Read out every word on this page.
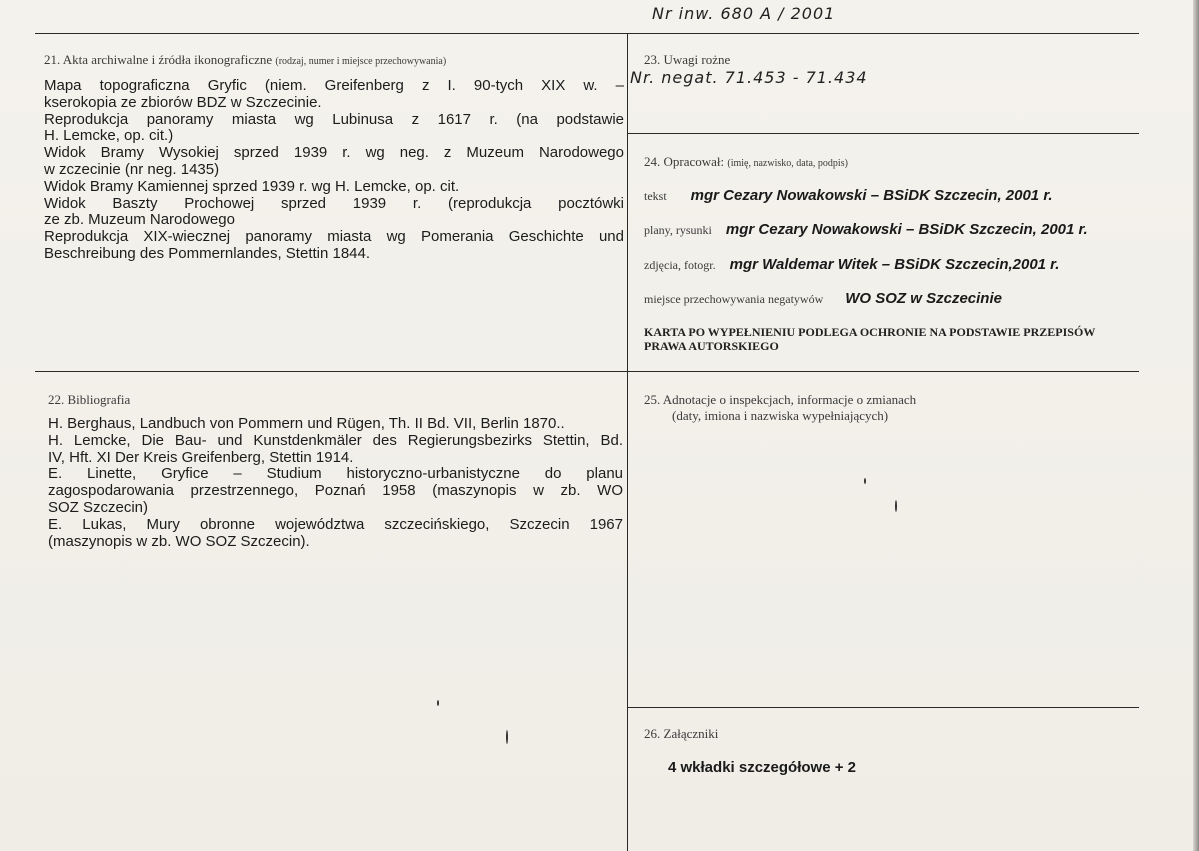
Nr inw. 680 A / 2001
21. Akta archiwalne i źródła ikonograficzne (rodzaj, numer i miejsce przechowywania)
Mapa topograficzna Gryfic (niem. Greifenberg z I. 90-tych XIX w. –
kserokopia ze zbiorów BDZ w Szczecinie.
Reprodukcja panoramy miasta wg Lubinusa z 1617 r. (na podstawie
H. Lemcke, op. cit.)
Widok Bramy Wysokiej sprzed 1939 r. wg neg. z Muzeum Narodowego
w zczecinie (nr neg. 1435)
Widok Bramy Kamiennej sprzed 1939 r. wg H. Lemcke, op. cit.
Widok Baszty Prochowej sprzed 1939 r. (reprodukcja pocztówki
ze zb. Muzeum Narodowego
Reprodukcja XIX-wiecznej panoramy miasta wg Pomerania Geschichte und
Beschreibung des Pommernlandes, Stettin 1844.
23. Uwagi rożne
Nr. negat. 71.453 - 71.434
24. Opracował: (imię, nazwisko, data, podpis)
tekst mgr Cezary Nowakowski – BSiDK Szczecin, 2001 r.
plany, rysunki mgr Cezary Nowakowski – BSiDK Szczecin, 2001 r.
zdjęcia, fotogr. mgr Waldemar Witek – BSiDK Szczecin,2001 r.
miejsce przechowywania negatywów WO SOZ w Szczecinie
KARTA PO WYPEŁNIENIU PODLEGA OCHRONIE NA PODSTAWIE PRZEPISÓW PRAWA AUTORSKIEGO
22. Bibliografia
H. Berghaus, Landbuch von Pommern und Rügen, Th. II Bd. VII, Berlin 1870..
H. Lemcke, Die Bau- und Kunstdenkmäler des Regierungsbezirks Stettin, Bd.
IV, Hft. XI Der Kreis Greifenberg, Stettin 1914.
E. Linette, Gryfice – Studium historyczno-urbanistyczne do planu
zagospodarowania przestrzennego, Poznań 1958 (maszynopis w zb. WO
SOZ Szczecin)
E. Lukas, Mury obronne województwa szczecińskiego, Szczecin 1967
(maszynopis w zb. WO SOZ Szczecin).
25. Adnotacje o inspekcjach, informacje o zmianach
(daty, imiona i nazwiska wypełniających)
26. Załączniki
4 wkładki szczegółowe + 2
